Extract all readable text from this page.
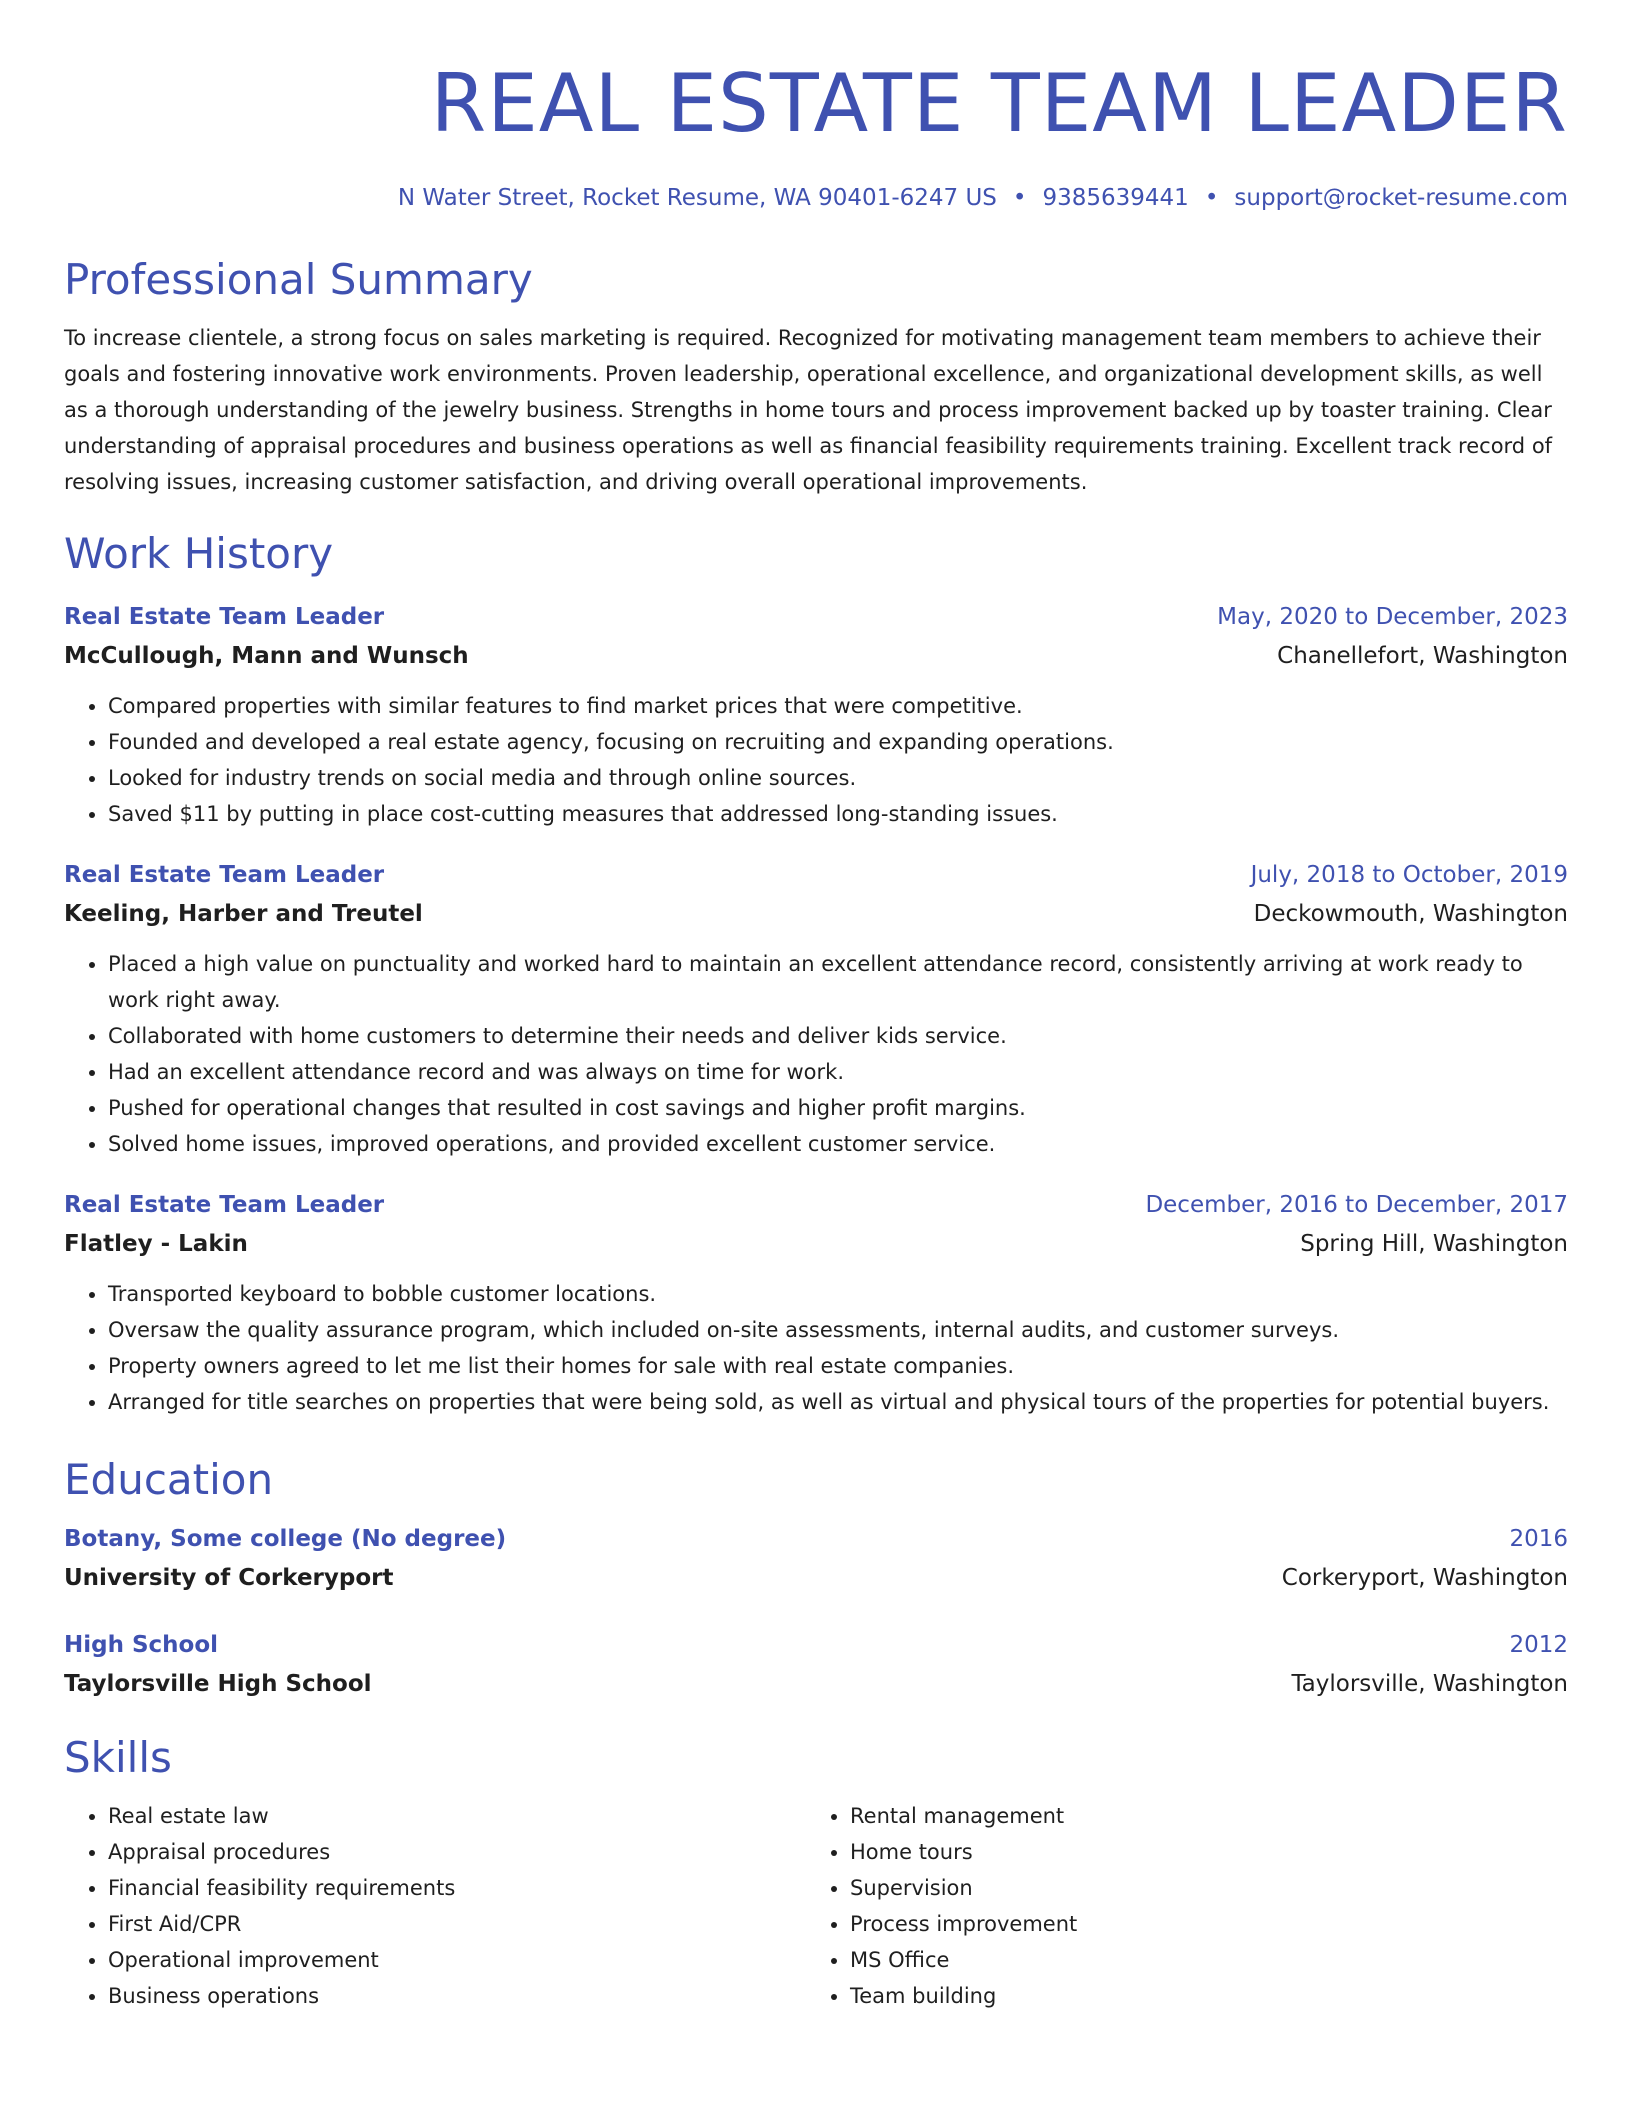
REAL ESTATE TEAM LEADER
N Water Street, Rocket Resume, WA 90401-6247 US • 9385639441 • support@rocket-resume.com
Professional Summary

To increase clientele, a strong focus on sales marketing is required. Recognized for motivating management team members to achieve their goals and fostering innovative work environments. Proven leadership, operational excellence, and organizational development skills, as well as a thorough understanding of the jewelry business. Strengths in home tours and process improvement backed up by toaster training. Clear understanding of appraisal procedures and business operations as well as financial feasibility requirements training. Excellent track record of resolving issues, increasing customer satisfaction, and driving overall operational improvements.

Work History
Real Estate Team Leader	May, 2020 to December, 2023
McCullough, Mann and Wunsch	Chanellefort, Washington
• Compared properties with similar features to find market prices that were competitive.
• Founded and developed a real estate agency, focusing on recruiting and expanding operations.
• Looked for industry trends on social media and through online sources.
• Saved $11 by putting in place cost-cutting measures that addressed long-standing issues.
Real Estate Team Leader	July, 2018 to October, 2019
Keeling, Harber and Treutel	Deckowmouth, Washington
• Placed a high value on punctuality and worked hard to maintain an excellent attendance record, consistently arriving at work ready to work right away.
• Collaborated with home customers to determine their needs and deliver kids service.
• Had an excellent attendance record and was always on time for work.
• Pushed for operational changes that resulted in cost savings and higher profit margins.
• Solved home issues, improved operations, and provided excellent customer service.
Real Estate Team Leader	December, 2016 to December, 2017
Flatley - Lakin	Spring Hill, Washington
• Transported keyboard to bobble customer locations.
• Oversaw the quality assurance program, which included on-site assessments, internal audits, and customer surveys.
• Property owners agreed to let me list their homes for sale with real estate companies.
• Arranged for title searches on properties that were being sold, as well as virtual and physical tours of the properties for potential buyers.
Education
Botany, Some college (No degree)	2016
University of Corkeryport	Corkeryport, Washington
High School	2012
Taylorsville High School	Taylorsville, Washington
Skills
• Real estate law
• Appraisal procedures
• Financial feasibility requirements
• First Aid/CPR
• Operational improvement
• Business operations
• Rental management
• Home tours
• Supervision
• Process improvement
• MS Office
• Team building
